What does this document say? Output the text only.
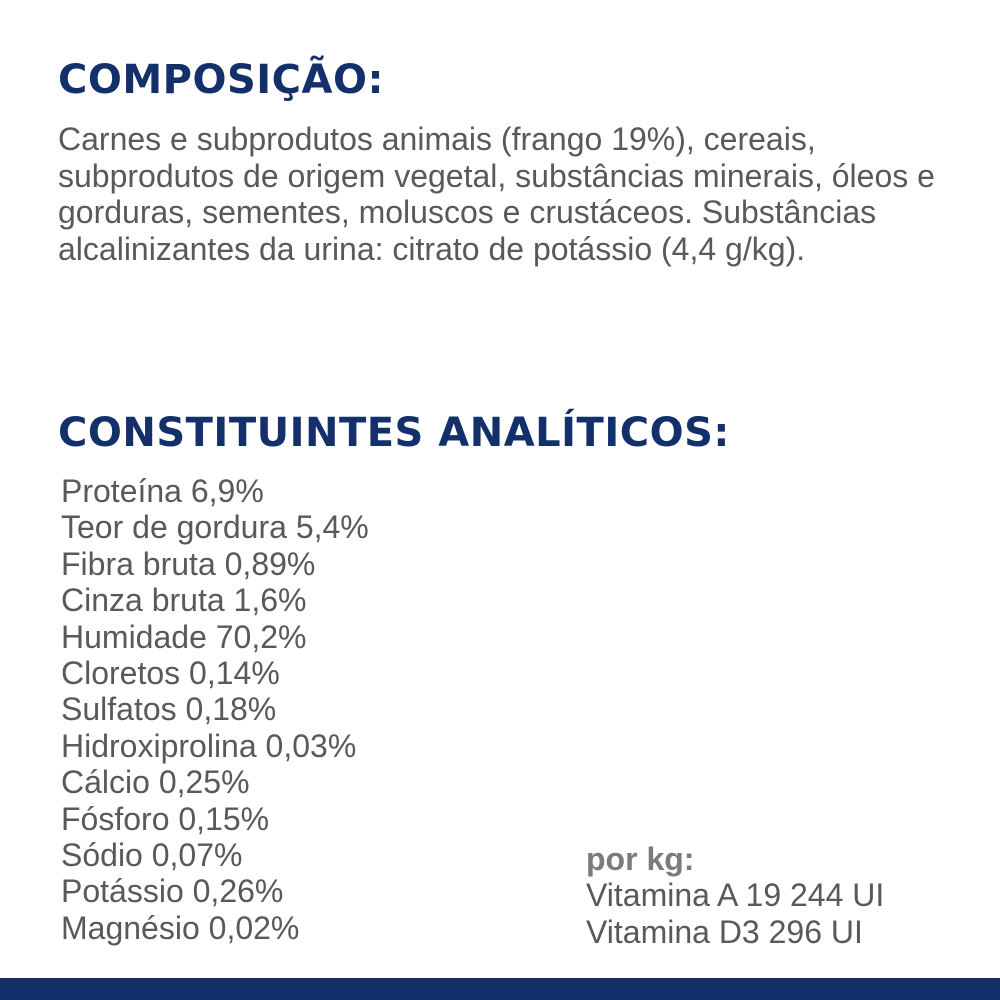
COMPOSIÇÃO:

Carnes e subprodutos animais (frango 19%), cereais, subprodutos de origem vegetal, substâncias minerais, óleos e gorduras, sementes, moluscos e crustáceos. Substâncias alcalinizantes da urina: citrato de potássio (4,4 g/kg).

CONSTITUINTES ANALÍTICOS:
Proteína 6,9%
Teor de gordura 5,4%
Fibra bruta 0,89%
Cinza bruta 1,6%
Humidade 70,2%
Cloretos 0,14%
Sulfatos 0,18%
Hidroxiprolina 0,03%
Cálcio 0,25%
Fósforo 0,15%
Sódio 0,07%
Potássio 0,26%
Magnésio 0,02%
por kg:
Vitamina A 19 244 UI
Vitamina D3 296 UI
